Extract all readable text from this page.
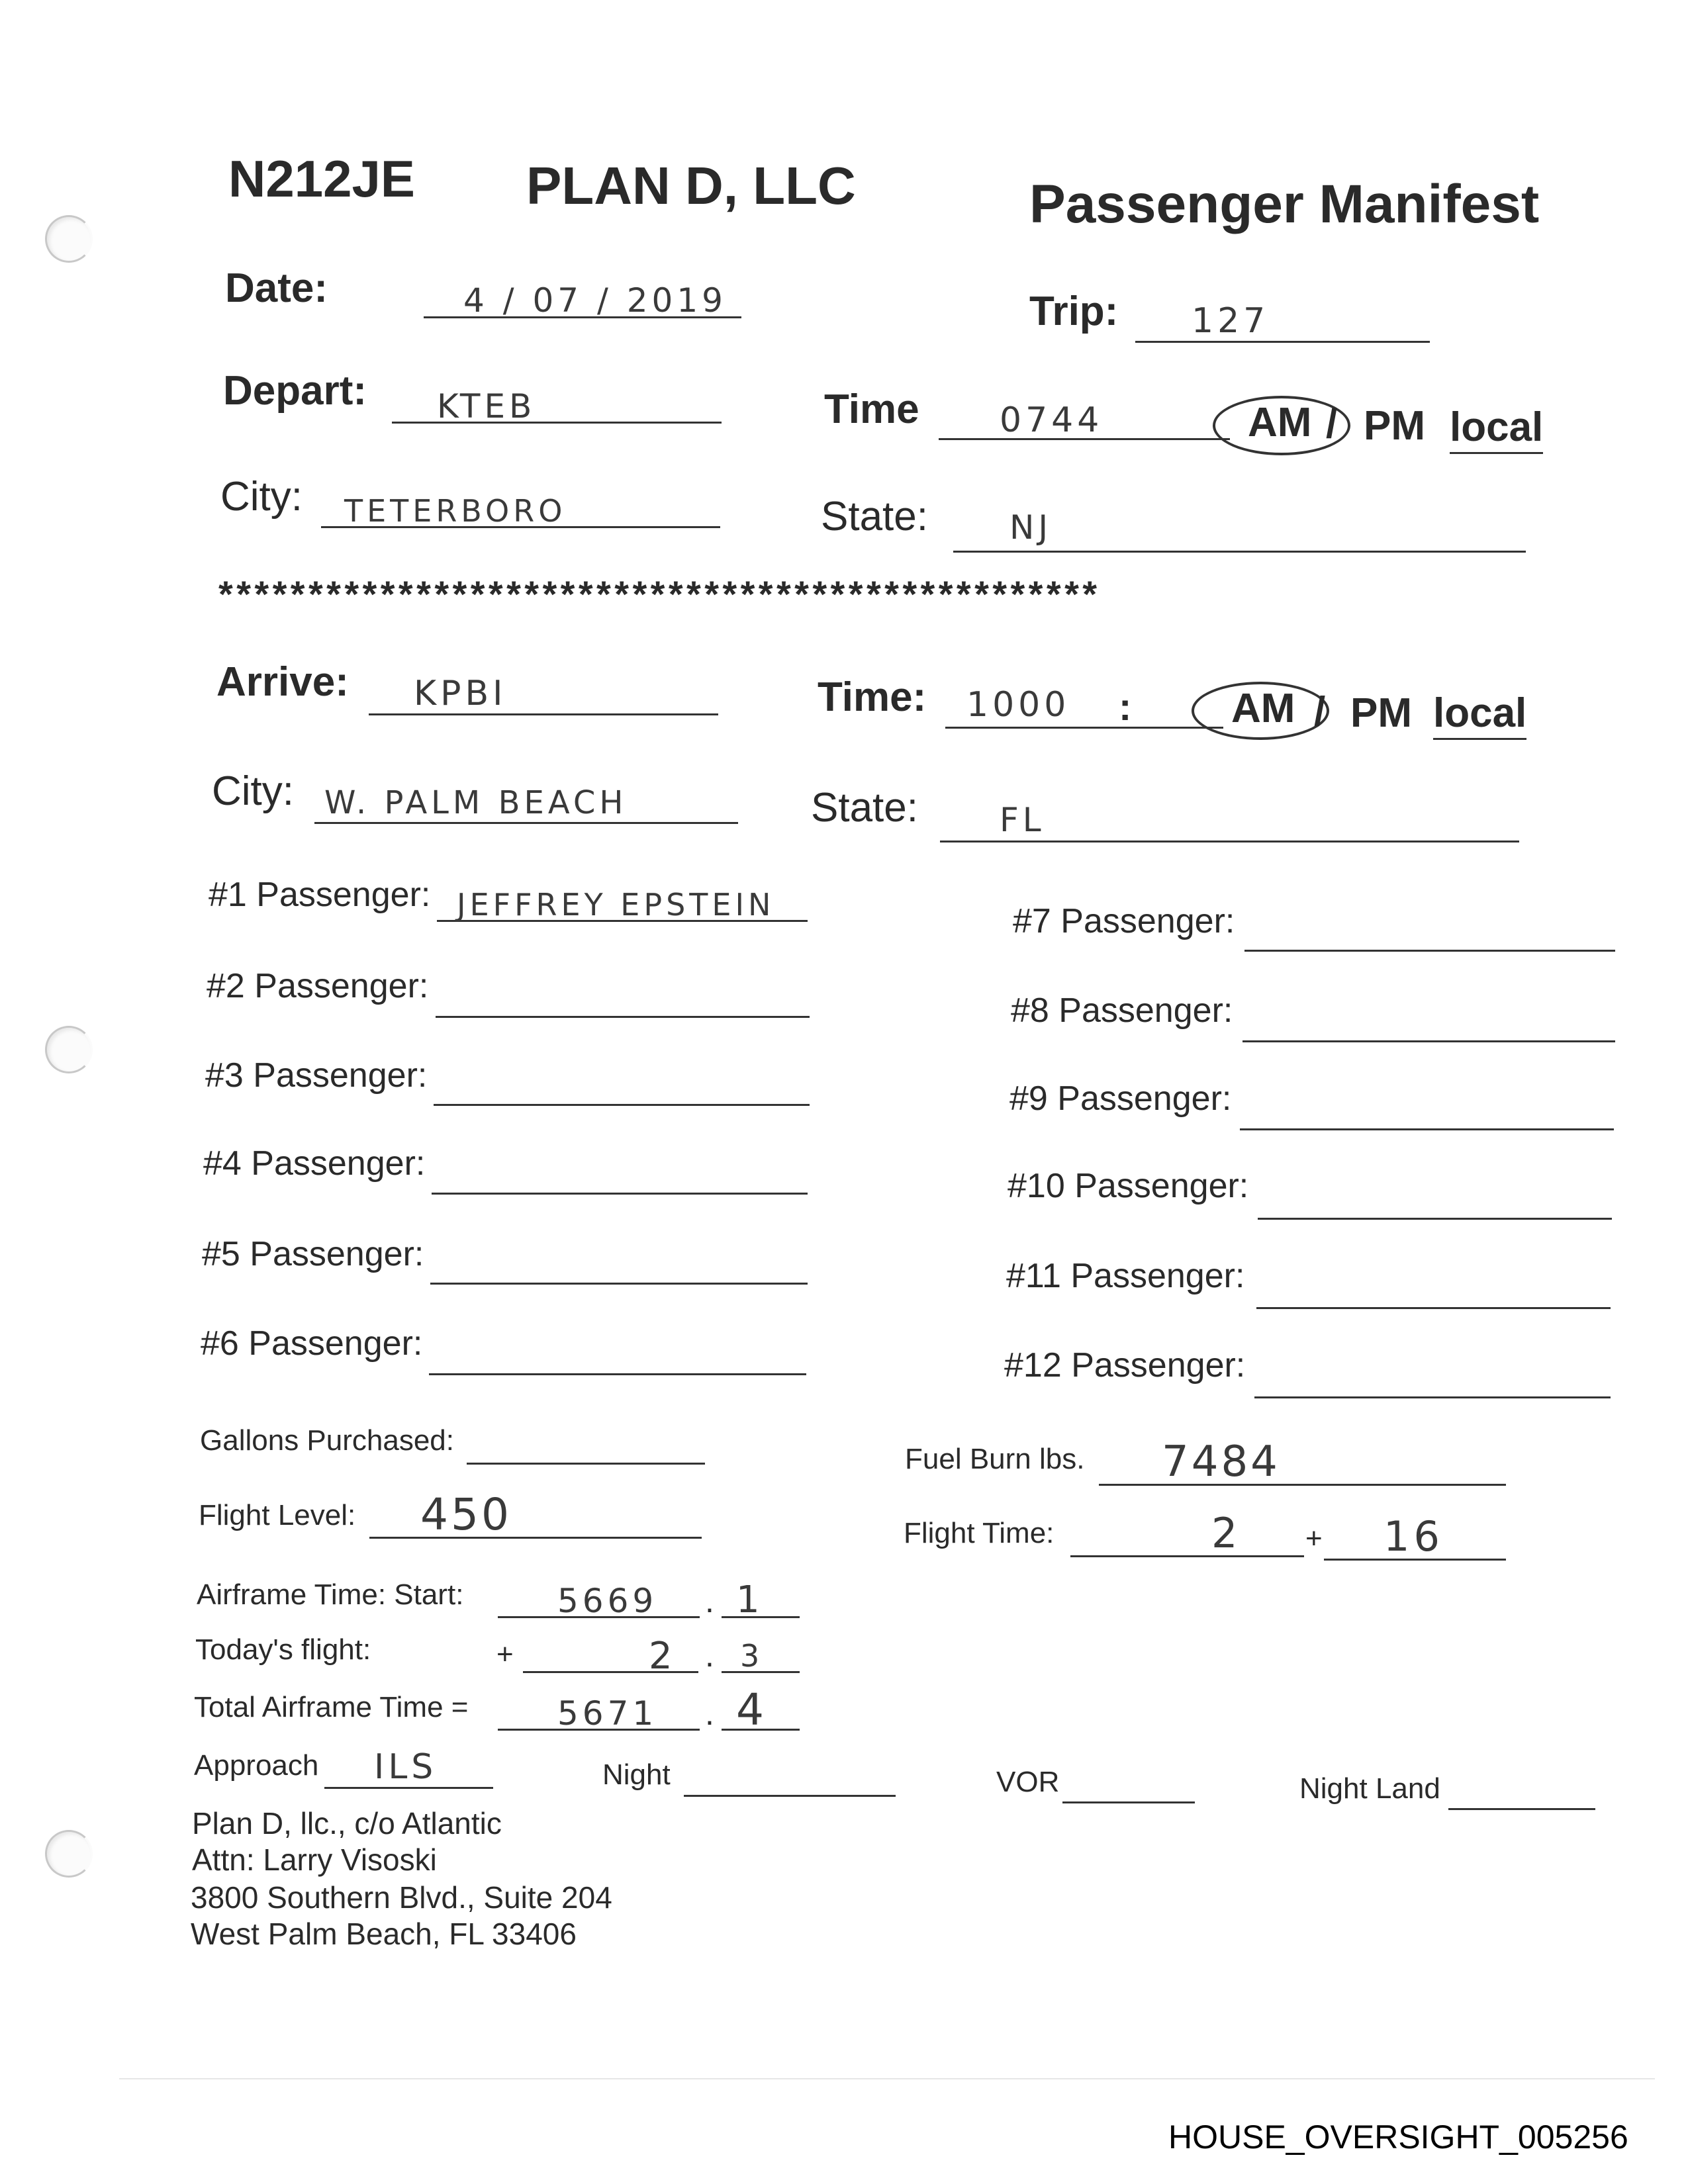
N212JE PLAN D, LLC	Passenger Manifest
Date:	4 / 07 / 2019	Trip: 127
Depart: KTEB	Time 0744	AM / PM local
City: TETERBORO	State: NJ
*************************************************
Arrive: KPBI	Time: 1000 : AM / PM local
City: W. PALM BEACH	State: FL
#1 Passenger: JEFFREY EPSTEIN
#2 Passenger:
#3 Passenger:
#4 Passenger:
#5 Passenger:
#6 Passenger:
#7 Passenger:
#8 Passenger:
#9 Passenger:
#10 Passenger:
#11 Passenger:
#12 Passenger:
Gallons Purchased:
Fuel Burn lbs. 7484
Flight Level: 450	Flight Time:	2 + 16
Airframe Time: Start:	5669 . 1
Today's flight:	+	2 . 3
Total Airframe Time =	5671 . 4
Approach ILS	Night	VOR	Night Land
Plan D, llc., c/o Atlantic
Attn: Larry Visoski
3800 Southern Blvd., Suite 204
West Palm Beach, FL 33406
HOUSE_OVERSIGHT_005256
